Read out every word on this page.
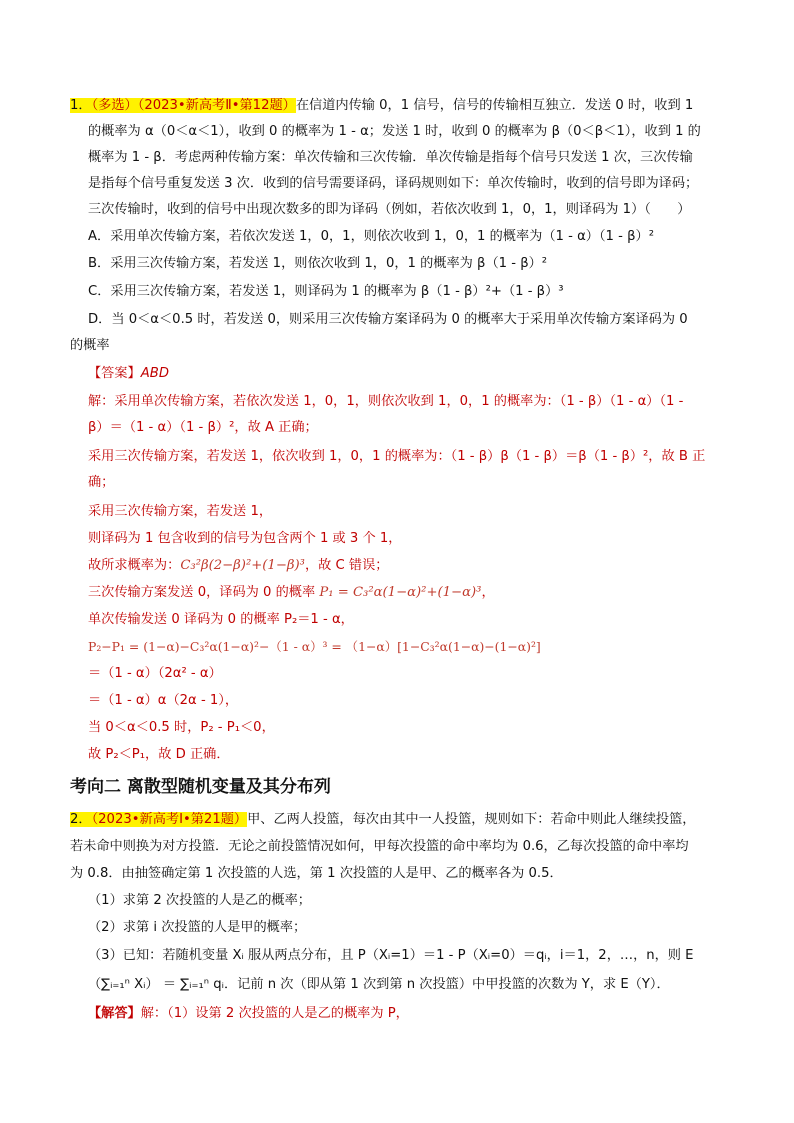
1．（多选）（2023•新高考Ⅱ•第12题）在信道内传输 0，1 信号，信号的传输相互独立．发送 0 时，收到 1
的概率为 α（0＜α＜1），收到 0 的概率为 1 - α；发送 1 时，收到 0 的概率为 β（0＜β＜1），收到 1 的
概率为 1 - β．考虑两种传输方案：单次传输和三次传输．单次传输是指每个信号只发送 1 次，三次传输
是指每个信号重复发送 3 次．收到的信号需要译码，译码规则如下：单次传输时，收到的信号即为译码；
三次传输时，收到的信号中出现次数多的即为译码（例如，若依次收到 1，0，1，则译码为 1）（　　）
A．采用单次传输方案，若依次发送 1，0，1，则依次收到 1，0，1 的概率为（1 - α）（1 - β）²
B．采用三次传输方案，若发送 1，则依次收到 1，0，1 的概率为 β（1 - β）²
C．采用三次传输方案，若发送 1，则译码为 1 的概率为 β（1 - β）²+（1 - β）³
D．当 0＜α＜0.5 时，若发送 0，则采用三次传输方案译码为 0 的概率大于采用单次传输方案译码为 0
的概率
【答案】ABD
解：采用单次传输方案，若依次发送 1，0，1，则依次收到 1，0，1 的概率为：（1 - β）（1 - α）（1 -
β）＝（1 - α）（1 - β）²，故 A 正确；
采用三次传输方案，若发送 1，依次收到 1，0，1 的概率为：（1 - β）β（1 - β）＝β（1 - β）²，故 B 正
确；
采用三次传输方案，若发送 1，
则译码为 1 包含收到的信号为包含两个 1 或 3 个 1，
故所求概率为：C₃²β(2−β)²+(1−β)³，故 C 错误；
三次传输方案发送 0，译码为 0 的概率 P₁ = C₃²α(1−α)²+(1−α)³，
单次传输发送 0 译码为 0 的概率 P₂＝1 - α，
P₂−P₁ = (1−α)−C₃²α(1−α)²−（1 - α）³ = （1−α）[1−C₃²α(1−α)−(1−α)²]
＝（1 - α）（2α² - α）
＝（1 - α）α（2α - 1），
当 0＜α＜0.5 时，P₂ - P₁＜0，
故 P₂＜P₁，故 D 正确．
考向二 离散型随机变量及其分布列
2．（2023•新高考Ⅰ•第21题）甲、乙两人投篮，每次由其中一人投篮，规则如下：若命中则此人继续投篮，
若未命中则换为对方投篮．无论之前投篮情况如何，甲每次投篮的命中率均为 0.6，乙每次投篮的命中率均
为 0.8．由抽签确定第 1 次投篮的人选，第 1 次投篮的人是甲、乙的概率各为 0.5．
（1）求第 2 次投篮的人是乙的概率；
（2）求第 i 次投篮的人是甲的概率；
（3）已知：若随机变量 Xᵢ 服从两点分布，且 P（Xᵢ=1）＝1 - P（Xᵢ=0）＝qᵢ，i＝1，2，…，n，则 E
（∑ᵢ₌₁ⁿ Xᵢ） ＝ ∑ᵢ₌₁ⁿ qᵢ．记前 n 次（即从第 1 次到第 n 次投篮）中甲投篮的次数为 Y，求 E（Y）．
【解答】解：（1）设第 2 次投篮的人是乙的概率为 P，
